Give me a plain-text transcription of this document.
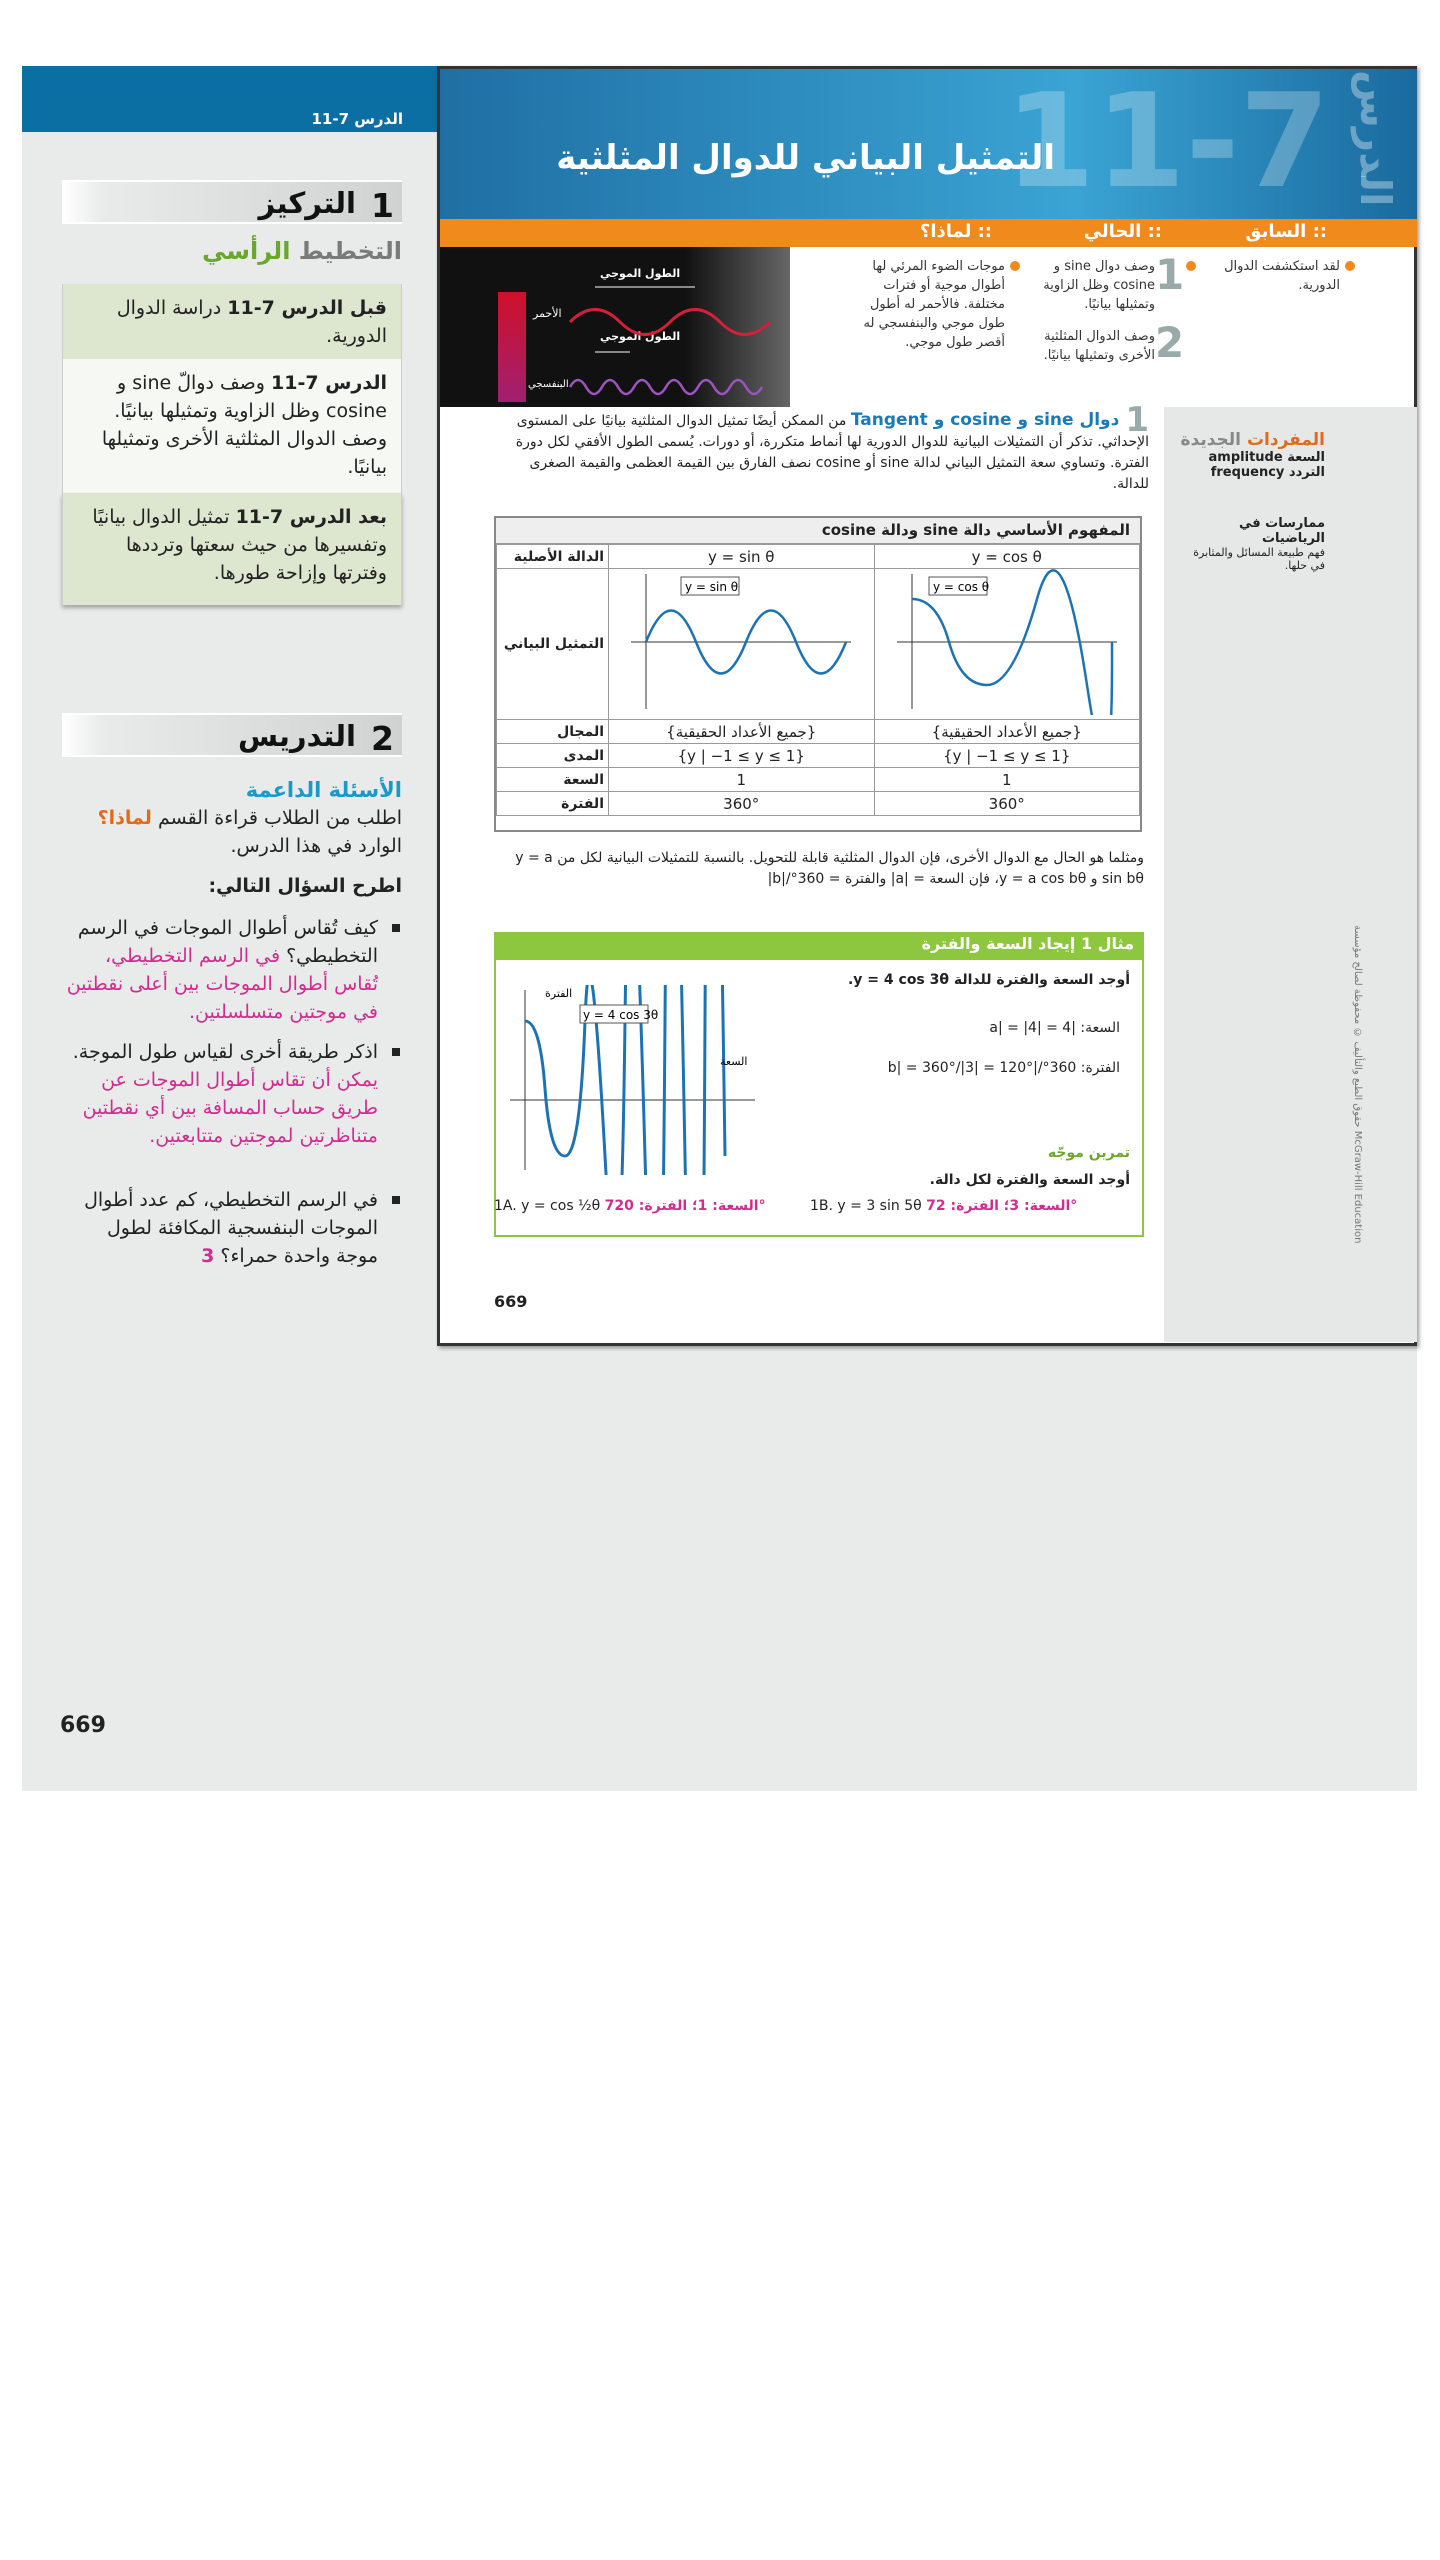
الدرس 7-11
1
التركيز
التخطيط الرأسي
قبل الدرس 7-11 دراسة الدوال الدورية.
الدرس 7-11 وصف دوالّ sine و cosine وظل الزاوية وتمثيلها بيانيًا. وصف الدوال المثلثية الأخرى وتمثيلها بيانيًا.
بعد الدرس 7-11 تمثيل الدوال بيانيًا وتفسيرها من حيث سعتها وترددها وفترتها وإزاحة طورها.
2
التدريس
الأسئلة الداعمة
اطلب من الطلاب قراءة القسم لماذا؟ الوارد في هذا الدرس.
اطرح السؤال التالي:
كيف تُقاس أطوال الموجات في الرسم التخطيطي؟ في الرسم التخطيطي، تُقاس أطوال الموجات بين أعلى نقطتين في موجتين متسلسلتين.
اذكر طريقة أخرى لقياس طول الموجة. يمكن أن تقاس أطوال الموجات عن طريق حساب المسافة بين أي نقطتين متناظرتين لموجتين متتابعتين.
في الرسم التخطيطي، كم عدد أطوال الموجات البنفسجية المكافئة لطول موجة واحدة حمراء؟ 3
669
11-7 الدرس
التمثيل البياني للدوال المثلثية
:: السابق
:: الحالي
:: لماذا؟
لقد استكشفت الدوال الدورية.
1
وصف دوال sine و cosine وظل الزاوية وتمثيلها بيانيًا.
2
وصف الدوال المثلثية الأخرى وتمثيلها بيانيًا.
موجات الضوء المرئي لها أطوال موجية أو فترات مختلفة. فالأحمر له أطول طول موجي والبنفسجي له أقصر طول موجي.
الأحمر
البنفسجي
الطول الموجي
الطول الموجي
1
دوال sine و cosine و Tangent من الممكن أيضًا تمثيل الدوال المثلثية بيانيًا على المستوى الإحداثي. تذكر أن التمثيلات البيانية للدوال الدورية لها أنماط متكررة، أو دورات. يُسمى الطول الأفقي لكل دورة الفترة. وتساوي سعة التمثيل البياني لدالة sine أو cosine نصف الفارق بين القيمة العظمى والقيمة الصغرى للدالة.
المفهوم الأساسي دالة sine ودالة cosine
الدالة الأصلية	y = sin θ	y = cos θ
التمثيل البياني	y = sin θ	y = cos θ

المجال	{جميع الأعداد الحقيقية}	{جميع الأعداد الحقيقية}
المدى	{y | −1 ≤ y ≤ 1}	{y | −1 ≤ y ≤ 1}
السعة	1	1
الفترة	360°	360°
ومثلما هو الحال مع الدوال الأخرى، فإن الدوال المثلثية قابلة للتحويل. بالنسبة للتمثيلات البيانية لكل من y = a sin bθ و y = a cos bθ، فإن السعة = |a| والفترة = 360°/|b|
مثال 1 إيجاد السعة والفترة
أوجد السعة والفترة للدالة y = 4 cos 3θ.
السعة: |a| = |4| = 4
الفترة: 360°/|b| = 360°/|3| = 120°
y = 4 cos 3θ
الفترة
السعة
تمرين موجّه
أوجد السعة والفترة لكل دالة.
1A. y = cos ½θ السعة: 1؛ الفترة: 720°	1B. y = 3 sin 5θ السعة: 3؛ الفترة: 72°
669
المفردات الجديدة
السعة amplitude
التردد frequency
ممارسات في الرياضيات
فهم طبيعة المسائل والمثابرة في حلها.
حقوق الطبع والتأليف © محفوظة لصالح مؤسسة McGraw-Hill Education
